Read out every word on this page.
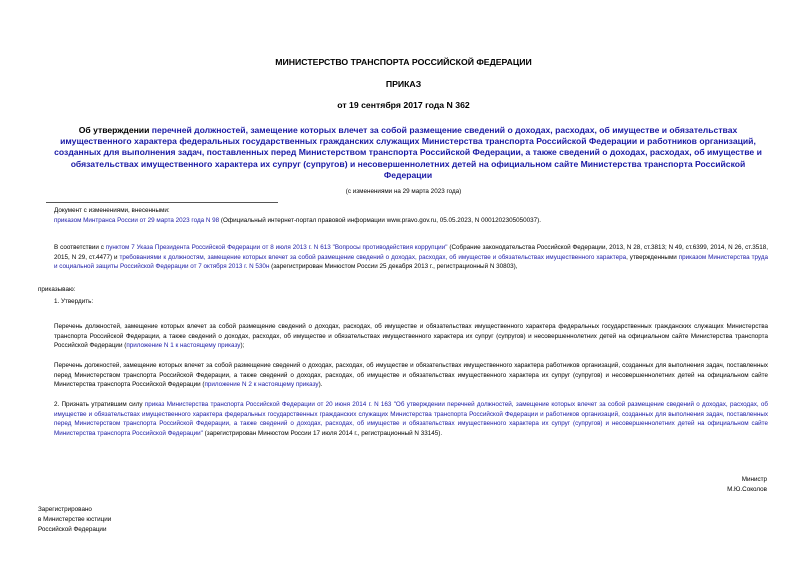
МИНИСТЕРСТВО ТРАНСПОРТА РОССИЙСКОЙ ФЕДЕРАЦИИ
ПРИКАЗ
от 19 сентября 2017 года N 362
Об утверждении перечней должностей, замещение которых влечет за собой размещение сведений о доходах, расходах, об имуществе и обязательствах имущественного характера федеральных государственных гражданских служащих Министерства транспорта Российской Федерации и работников организаций, созданных для выполнения задач, поставленных перед Министерством транспорта Российской Федерации, а также сведений о доходах, расходах, об имуществе и обязательствах имущественного характера их супруг (супругов) и несовершеннолетних детей на официальном сайте Министерства транспорта Российской Федерации
(с изменениями на 29 марта 2023 года)
Документ с изменениями, внесенными:
приказом Минтранса России от 29 марта 2023 года N 98 (Официальный интернет-портал правовой информации www.pravo.gov.ru, 05.05.2023, N 0001202305050037).
В соответствии с пунктом 7 Указа Президента Российской Федерации от 8 июля 2013 г. N 613 "Вопросы противодействия коррупции" (Собрание законодательства Российской Федерации, 2013, N 28, ст.3813; N 49, ст.6399, 2014, N 26, ст.3518, 2015, N 29, ст.4477) и требованиями к должностям, замещение которых влечет за собой размещение сведений о доходах, расходах, об имуществе и обязательствах имущественного характера, утвержденными приказом Министерства труда и социальной защиты Российской Федерации от 7 октября 2013 г. N 530н (зарегистрирован Минюстом России 25 декабря 2013 г., регистрационный N 30803),
приказываю:
1. Утвердить:
Перечень должностей, замещение которых влечет за собой размещение сведений о доходах, расходах, об имуществе и обязательствах имущественного характера федеральных государственных гражданских служащих Министерства транспорта Российской Федерации, а также сведений о доходах, расходах, об имуществе и обязательствах имущественного характера их супруг (супругов) и несовершеннолетних детей на официальном сайте Министерства транспорта Российской Федерации (приложение N 1 к настоящему приказу);
Перечень должностей, замещение которых влечет за собой размещение сведений о доходах, расходах, об имуществе и обязательствах имущественного характера работников организаций, созданных для выполнения задач, поставленных перед Министерством транспорта Российской Федерации, а также сведений о доходах, расходах, об имуществе и обязательствах имущественного характера их супруг (супругов) и несовершеннолетних детей на официальном сайте Министерства транспорта Российской Федерации (приложение N 2 к настоящему приказу).
2. Признать утратившим силу приказ Министерства транспорта Российской Федерации от 20 июня 2014 г. N 163 "Об утверждении перечней должностей, замещение которых влечет за собой размещение сведений о доходах, расходах, об имуществе и обязательствах имущественного характера федеральных государственных гражданских служащих Министерства транспорта Российской Федерации и работников организаций, созданных для выполнения задач, поставленных перед Министерством транспорта Российской Федерации, а также сведений о доходах, расходах, об имуществе и обязательствах имущественного характера их супруг (супругов) и несовершеннолетних детей на официальном сайте Министерства транспорта Российской Федерации" (зарегистрирован Минюстом России 17 июля 2014 г., регистрационный N 33145).
Министр
М.Ю.Соколов
Зарегистрировано
в Министерстве юстиции
Российской Федерации
